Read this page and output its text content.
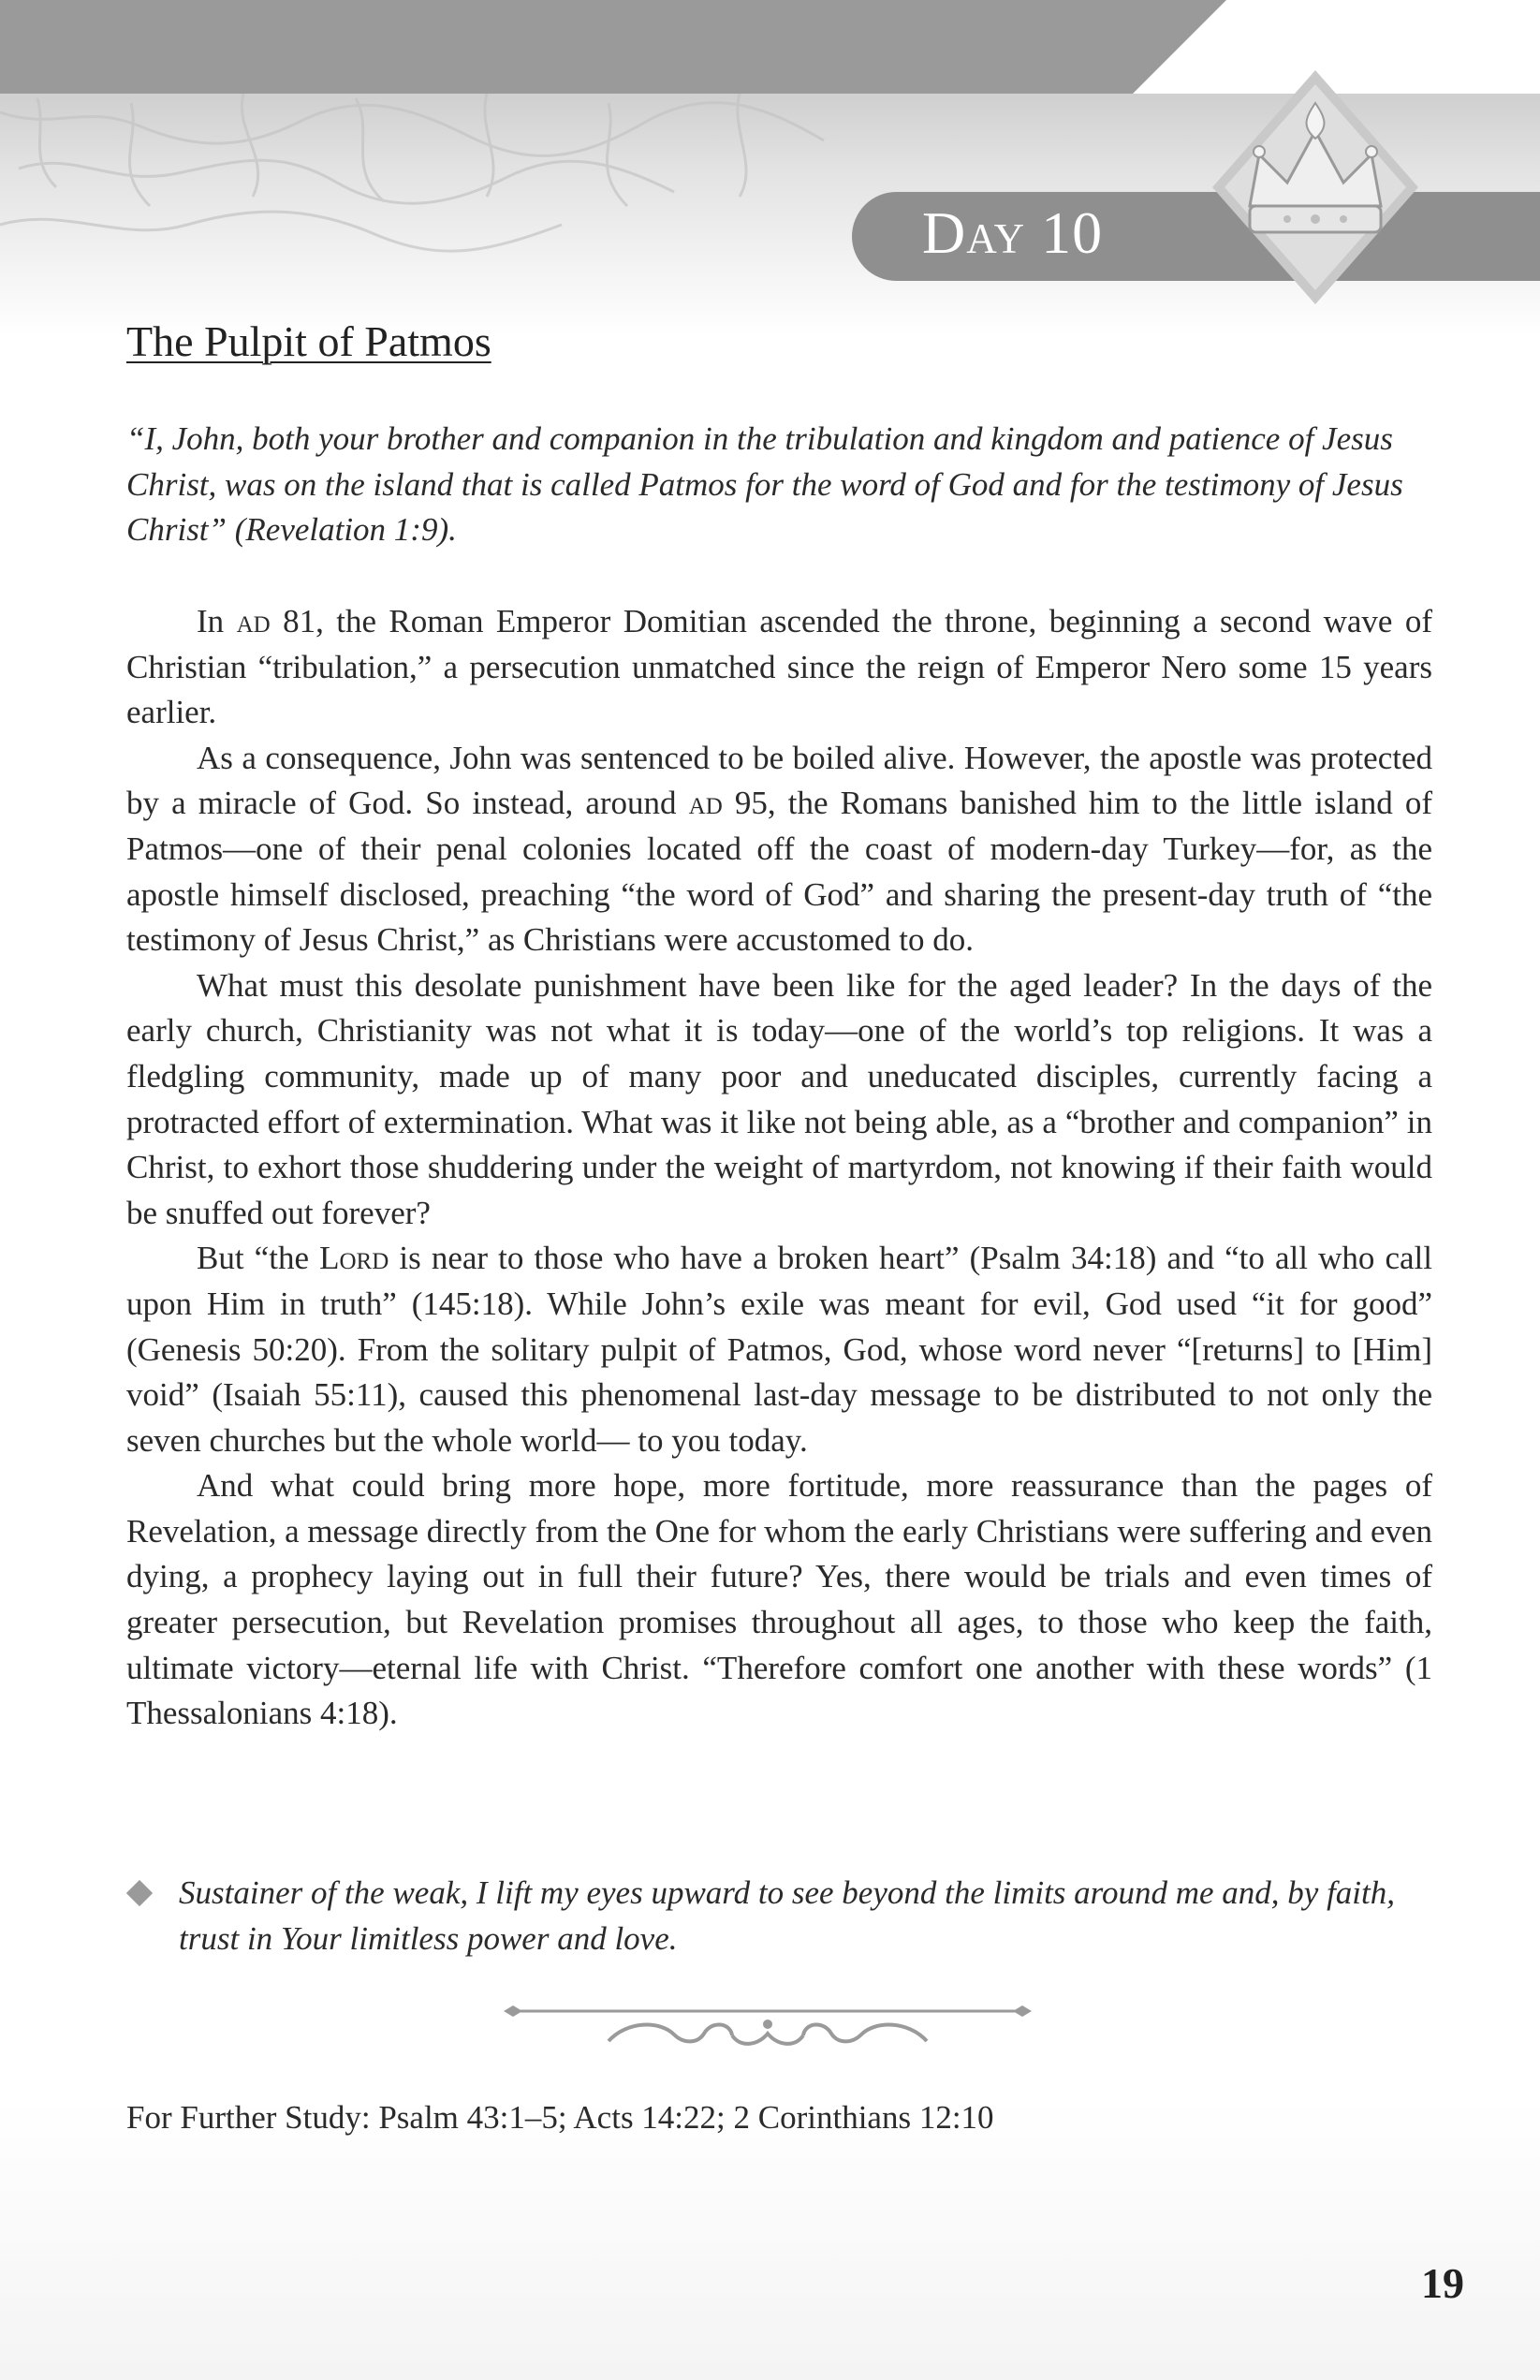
Day 10
The Pulpit of Patmos
“I, John, both your brother and companion in the tribulation and kingdom and patience of Jesus Christ, was on the island that is called Patmos for the word of God and for the testimony of Jesus Christ” (Revelation 1:9).

In ad 81, the Roman Emperor Domitian ascended the throne, beginning a second wave of Christian “tribulation,” a persecution unmatched since the reign of Emperor Nero some 15 years earlier.

As a consequence, John was sentenced to be boiled alive. However, the apostle was protected by a miracle of God. So instead, around ad 95, the Romans banished him to the little island of Patmos—one of their penal colonies located off the coast of modern-day Turkey—for, as the apostle himself disclosed, preaching “the word of God” and sharing the present-day truth of “the testimony of Jesus Christ,” as Christians were accustomed to do.

What must this desolate punishment have been like for the aged leader? In the days of the early church, Christianity was not what it is today—one of the world’s top religions. It was a fledgling community, made up of many poor and uneducated disciples, currently facing a protracted effort of extermination. What was it like not being able, as a “brother and companion” in Christ, to exhort those shuddering under the weight of martyrdom, not knowing if their faith would be snuffed out forever?

But “the Lord is near to those who have a broken heart” (Psalm 34:18) and “to all who call upon Him in truth” (145:18). While John’s exile was meant for evil, God used “it for good” (Genesis 50:20). From the solitary pulpit of Patmos, God, whose word never “[returns] to [Him] void” (Isaiah 55:11), caused this phenomenal last-day message to be distributed to not only the seven churches but the whole world— to you today.

And what could bring more hope, more fortitude, more reassurance than the pages of Revelation, a message directly from the One for whom the early Christians were suffering and even dying, a prophecy laying out in full their future? Yes, there would be trials and even times of greater persecution, but Revelation promises throughout all ages, to those who keep the faith, ultimate victory—eternal life with Christ. “Therefore comfort one another with these words” (1 Thessalonians 4:18).

Sustainer of the weak, I lift my eyes upward to see beyond the limits around me and, by faith, trust in Your limitless power and love.
For Further Study: Psalm 43:1–5; Acts 14:22; 2 Corinthians 12:10
19
